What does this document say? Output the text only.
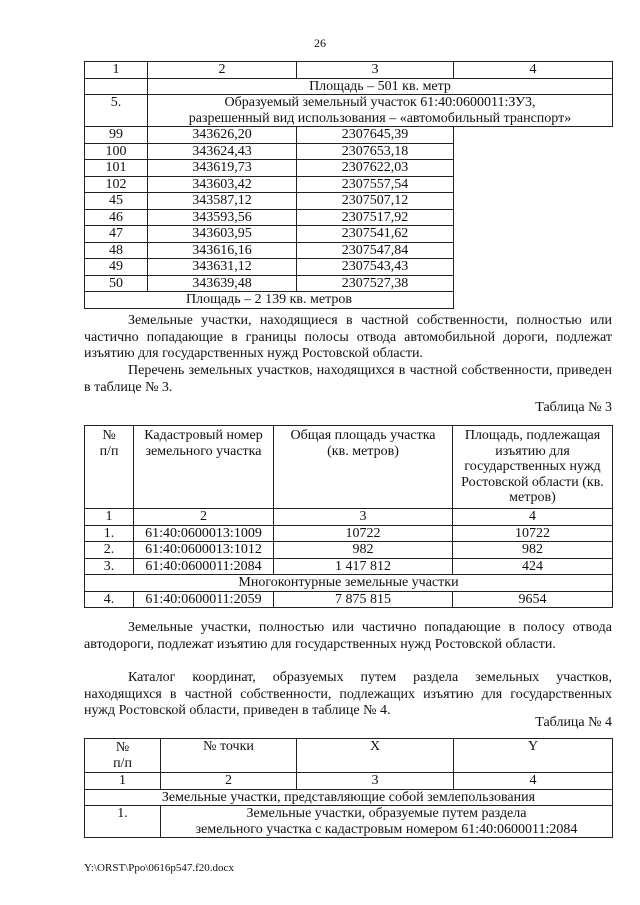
26
1	2	3	4
	Площадь – 501 кв. метр		
5.	Образуемый земельный участок 61:40:0600011:ЗУ3,
разрешенный вид использования – «автомобильный транспорт»		

99	343626,20	2307645,39	
100	343624,43	2307653,18	
101	343619,73	2307622,03	
102	343603,42	2307557,54	
45	343587,12	2307507,12	
46	343593,56	2307517,92	
47	343603,95	2307541,62	
48	343616,16	2307547,84	
49	343631,12	2307543,43	
50	343639,48	2307527,38	
Площадь – 2 139 кв. метров			

Земельные участки, находящиеся в частной собственности, полностью или частично попадающие в границы полосы отвода автомобильной дороги, подлежат изъятию для государственных нужд Ростовской области.

Перечень земельных участков, находящихся в частной собственности, приведен в таблице № 3.

Таблица № 3
№ п/п	Кадастровый номер земельного участка	Общая площадь участка (кв. метров)	Площадь, подлежащая изъятию для государственных нужд Ростовской области (кв. метров)
1	2	3	4
1.	61:40:0600013:1009	10722	10722
2.	61:40:0600013:1012	982	982
3.	61:40:0600011:2084	1 417 812	424
Многоконтурные земельные участки			
4.	61:40:0600011:2059	7 875 815	9654

Земельные участки, полностью или частично попадающие в полосу отвода автодороги, подлежат изъятию для государственных нужд Ростовской области.

Каталог координат, образуемых путем раздела земельных участков, находящихся в частной собственности, подлежащих изъятию для государственных нужд Ростовской области, приведен в таблице № 4.

Таблица № 4
№ п/п	№ точки	X	Y
1	2	3	4
Земельные участки, представляющие собой землепользования			
1.	Земельные участки, образуемые путем раздела
земельного участка с кадастровым номером 61:40:0600011:2084		
Y:\ORST\Ppo\0616p547.f20.docx
